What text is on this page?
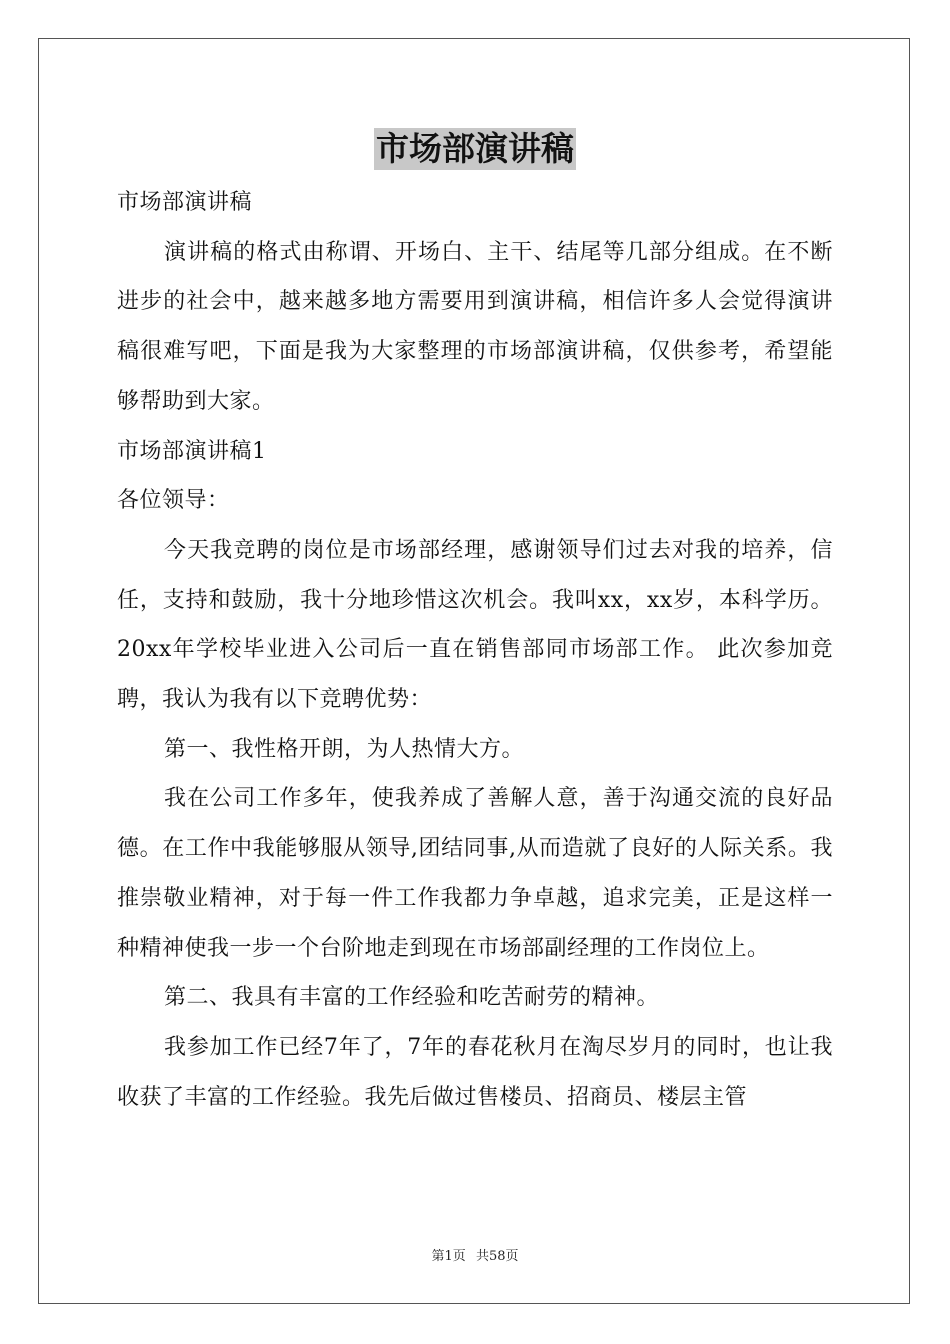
市场部演讲稿

市场部演讲稿

演讲稿的格式由称谓、开场白、主干、结尾等几部分组成。在不断进步的社会中，越来越多地方需要用到演讲稿，相信许多人会觉得演讲稿很难写吧，下面是我为大家整理的市场部演讲稿，仅供参考，希望能够帮助到大家。

市场部演讲稿1

各位领导：

今天我竞聘的岗位是市场部经理，感谢领导们过去对我的培养，信任，支持和鼓励，我十分地珍惜这次机会。我叫xx，xx岁，本科学历。20xx年学校毕业进入公司后一直在销售部同市场部工作。 此次参加竞聘，我认为我有以下竞聘优势：

第一、我性格开朗，为人热情大方。

我在公司工作多年，使我养成了善解人意，善于沟通交流的良好品德。在工作中我能够服从领导,团结同事,从而造就了良好的人际关系。我推崇敬业精神，对于每一件工作我都力争卓越，追求完美，正是这样一种精神使我一步一个台阶地走到现在市场部副经理的工作岗位上。

第二、我具有丰富的工作经验和吃苦耐劳的精神。

我参加工作已经7年了，7年的春花秋月在淘尽岁月的同时，也让我收获了丰富的工作经验。我先后做过售楼员、招商员、楼层主管

第1页 共58页
